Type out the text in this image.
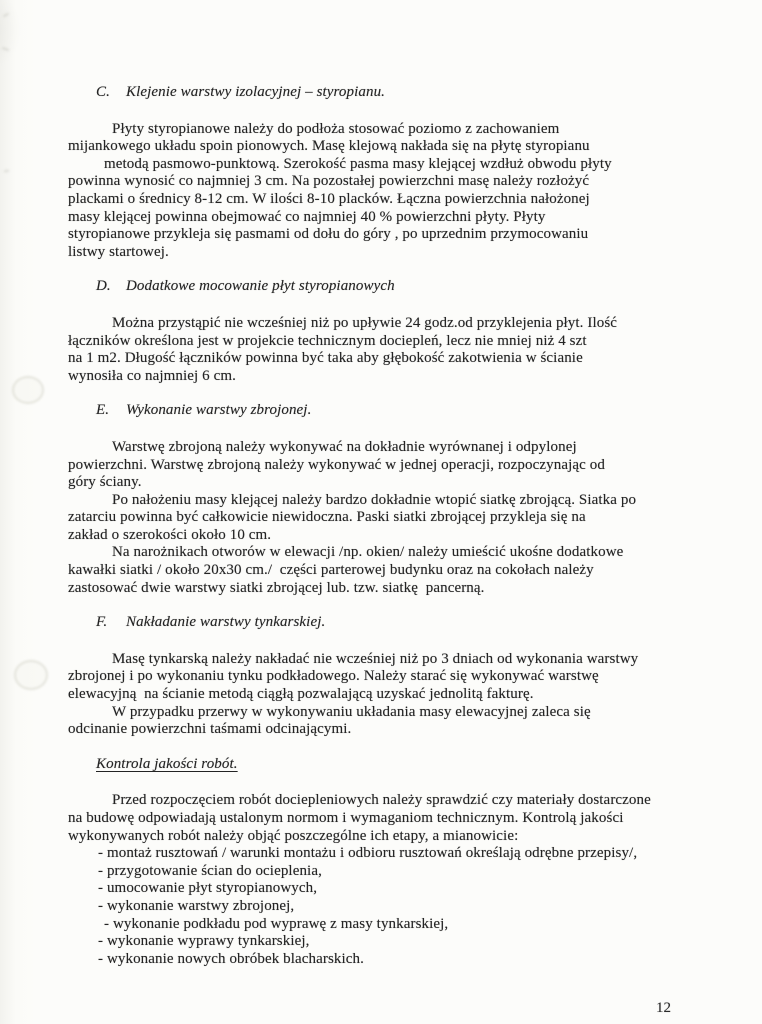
C. Klejenie warstwy izolacyjnej – styropianu.
Płyty styropianowe należy do podłoża stosować poziomo z zachowaniem
mijankowego układu spoin pionowych. Masę klejową nakłada się na płytę styropianu
metodą pasmowo-punktową. Szerokość pasma masy klejącej wzdłuż obwodu płyty
powinna wynosić co najmniej 3 cm. Na pozostałej powierzchni masę należy rozłożyć
plackami o średnicy 8-12 cm. W ilości 8-10 placków. Łączna powierzchnia nałożonej
masy klejącej powinna obejmować co najmniej 40 % powierzchni płyty. Płyty
styropianowe przykleja się pasmami od dołu do góry , po uprzednim przymocowaniu
listwy startowej.
D. Dodatkowe mocowanie płyt styropianowych
Można przystąpić nie wcześniej niż po upływie 24 godz.od przyklejenia płyt. Ilość
łączników określona jest w projekcie technicznym dociepleń, lecz nie mniej niż 4 szt
na 1 m2. Długość łączników powinna być taka aby głębokość zakotwienia w ścianie
wynosiła co najmniej 6 cm.
E. Wykonanie warstwy zbrojonej.
Warstwę zbrojoną należy wykonywać na dokładnie wyrównanej i odpylonej
powierzchni. Warstwę zbrojoną należy wykonywać w jednej operacji, rozpoczynając od
góry ściany.
Po nałożeniu masy klejącej należy bardzo dokładnie wtopić siatkę zbrojącą. Siatka po
zatarciu powinna być całkowicie niewidoczna. Paski siatki zbrojącej przykleja się na
zakład o szerokości około 10 cm.
Na narożnikach otworów w elewacji /np. okien/ należy umieścić ukośne dodatkowe
kawałki siatki / około 20x30 cm./  części parterowej budynku oraz na cokołach należy
zastosować dwie warstwy siatki zbrojącej lub. tzw. siatkę  pancerną.
F. Nakładanie warstwy tynkarskiej.
Masę tynkarską należy nakładać nie wcześniej niż po 3 dniach od wykonania warstwy
zbrojonej i po wykonaniu tynku podkładowego. Należy starać się wykonywać warstwę
elewacyjną  na ścianie metodą ciągłą pozwalającą uzyskać jednolitą fakturę.
W przypadku przerwy w wykonywaniu układania masy elewacyjnej zaleca się
odcinanie powierzchni taśmami odcinającymi.
Kontrola jakości robót.
Przed rozpoczęciem robót dociepleniowych należy sprawdzić czy materiały dostarczone
na budowę odpowiadają ustalonym normom i wymaganiom technicznym. Kontrolą jakości
wykonywanych robót należy objąć poszczególne ich etapy, a mianowicie:
- montaż rusztowań / warunki montażu i odbioru rusztowań określają odrębne przepisy/,
- przygotowanie ścian do ocieplenia,
- umocowanie płyt styropianowych,
- wykonanie warstwy zbrojonej,
- wykonanie podkładu pod wyprawę z masy tynkarskiej,
- wykonanie wyprawy tynkarskiej,
- wykonanie nowych obróbek blacharskich.
12
